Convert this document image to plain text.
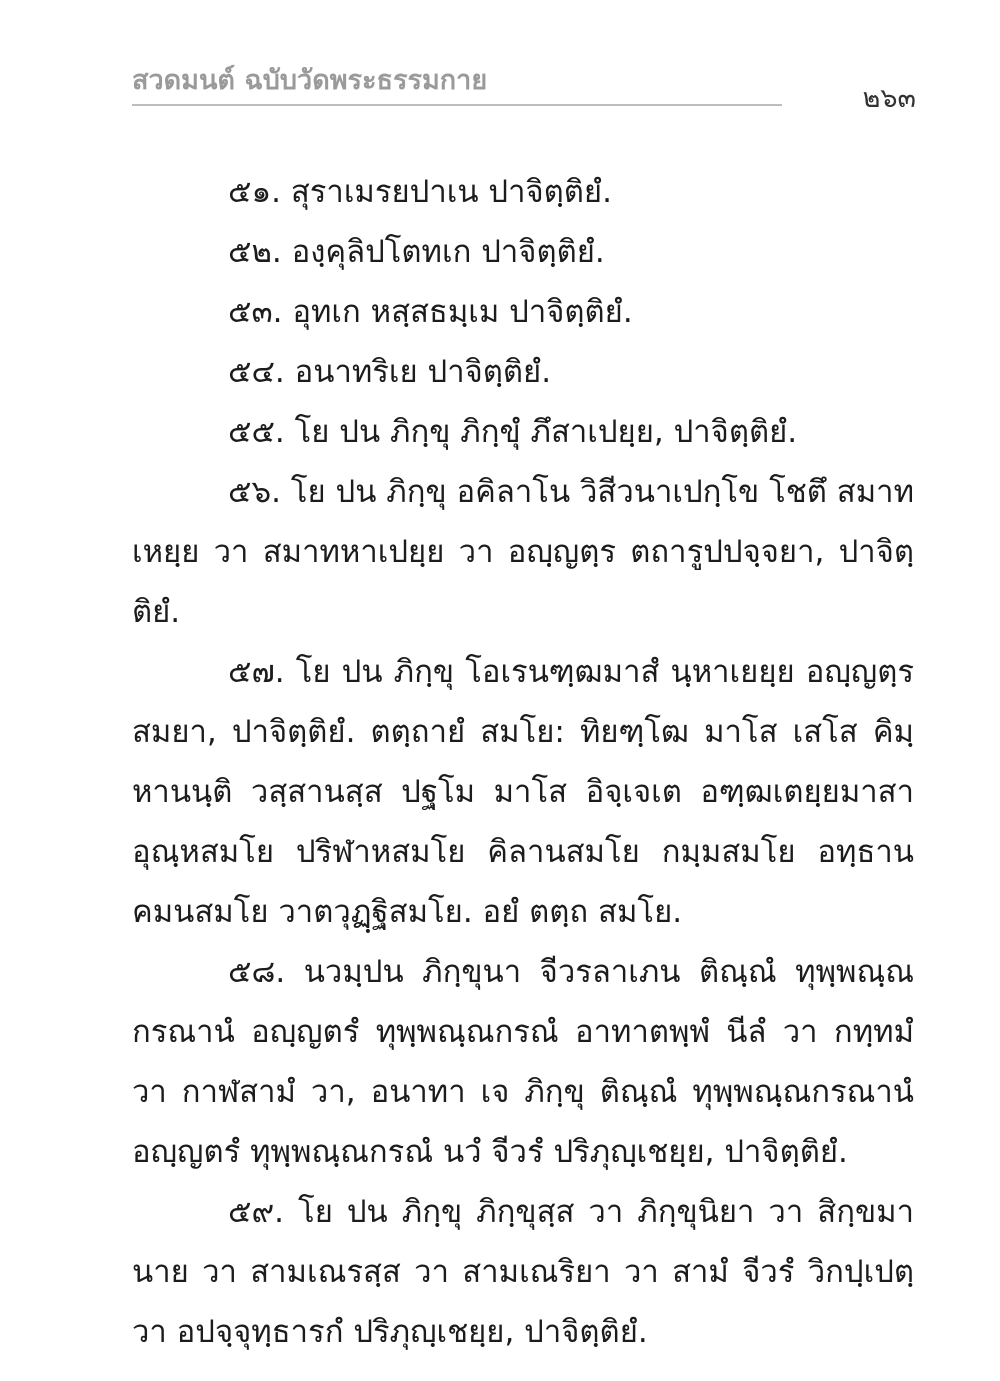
สวดมนต์ ฉบับวัดพระธรรมกาย
๒๖๓

๕๑. สุราเมรยปาเน ปาจิตฺติยํ.

๕๒. องฺคุลิปโตทเก ปาจิตฺติยํ.

๕๓. อุทเก หสฺสธมฺเม ปาจิตฺติยํ.

๕๔. อนาทริเย ปาจิตฺติยํ.

๕๕. โย ปน ภิกฺขุ ภิกฺขุํ ภึสาเปยฺย, ปาจิตฺติยํ.

๕๖. โย ปน ภิกฺขุ อคิลาโน วิสีวนาเปกฺโข โชตึ สมาทเหยฺย วา สมาทหาเปยฺย วา อญฺญตฺร ตถารูปปจฺจยา, ปาจิตฺติยํ.

๕๗. โย ปน ภิกฺขุ โอเรนฑฺฒมาสํ นฺหาเยยฺย อญฺญตฺร สมยา, ปาจิตฺติยํ. ตตฺถายํ สมโย: ทิยฑฺโฒ มาโส เสโส คิมฺหานนฺติ วสฺสานสฺส ปฐโม มาโส อิจฺเจเต อฑฺฒเตยฺยมาสา อุณฺหสมโย ปริฬาหสมโย คิลานสมโย กมฺมสมโย อทฺธานคมนสมโย วาตวุฏฺฐิสมโย. อยํ ตตฺถ สมโย.

๕๘. นวมฺปน ภิกฺขุนา จีวรลาเภน ติณฺณํ ทุพฺพณฺณกรณานํ อญฺญตรํ ทุพฺพณฺณกรณํ อาทาตพฺพํ นีลํ วา กทฺทมํ วา กาฬสามํ วา, อนาทา เจ ภิกฺขุ ติณฺณํ ทุพฺพณฺณกรณานํ อญฺญตรํ ทุพฺพณฺณกรณํ นวํ จีวรํ ปริภุญฺเชยฺย, ปาจิตฺติยํ.

๕๙. โย ปน ภิกฺขุ ภิกฺขุสฺส วา ภิกฺขุนิยา วา สิกฺขมานาย วา สามเณรสฺส วา สามเณริยา วา สามํ จีวรํ วิกปฺเปตฺวา อปจฺจุทฺธารกํ ปริภุญฺเชยฺย, ปาจิตฺติยํ.
